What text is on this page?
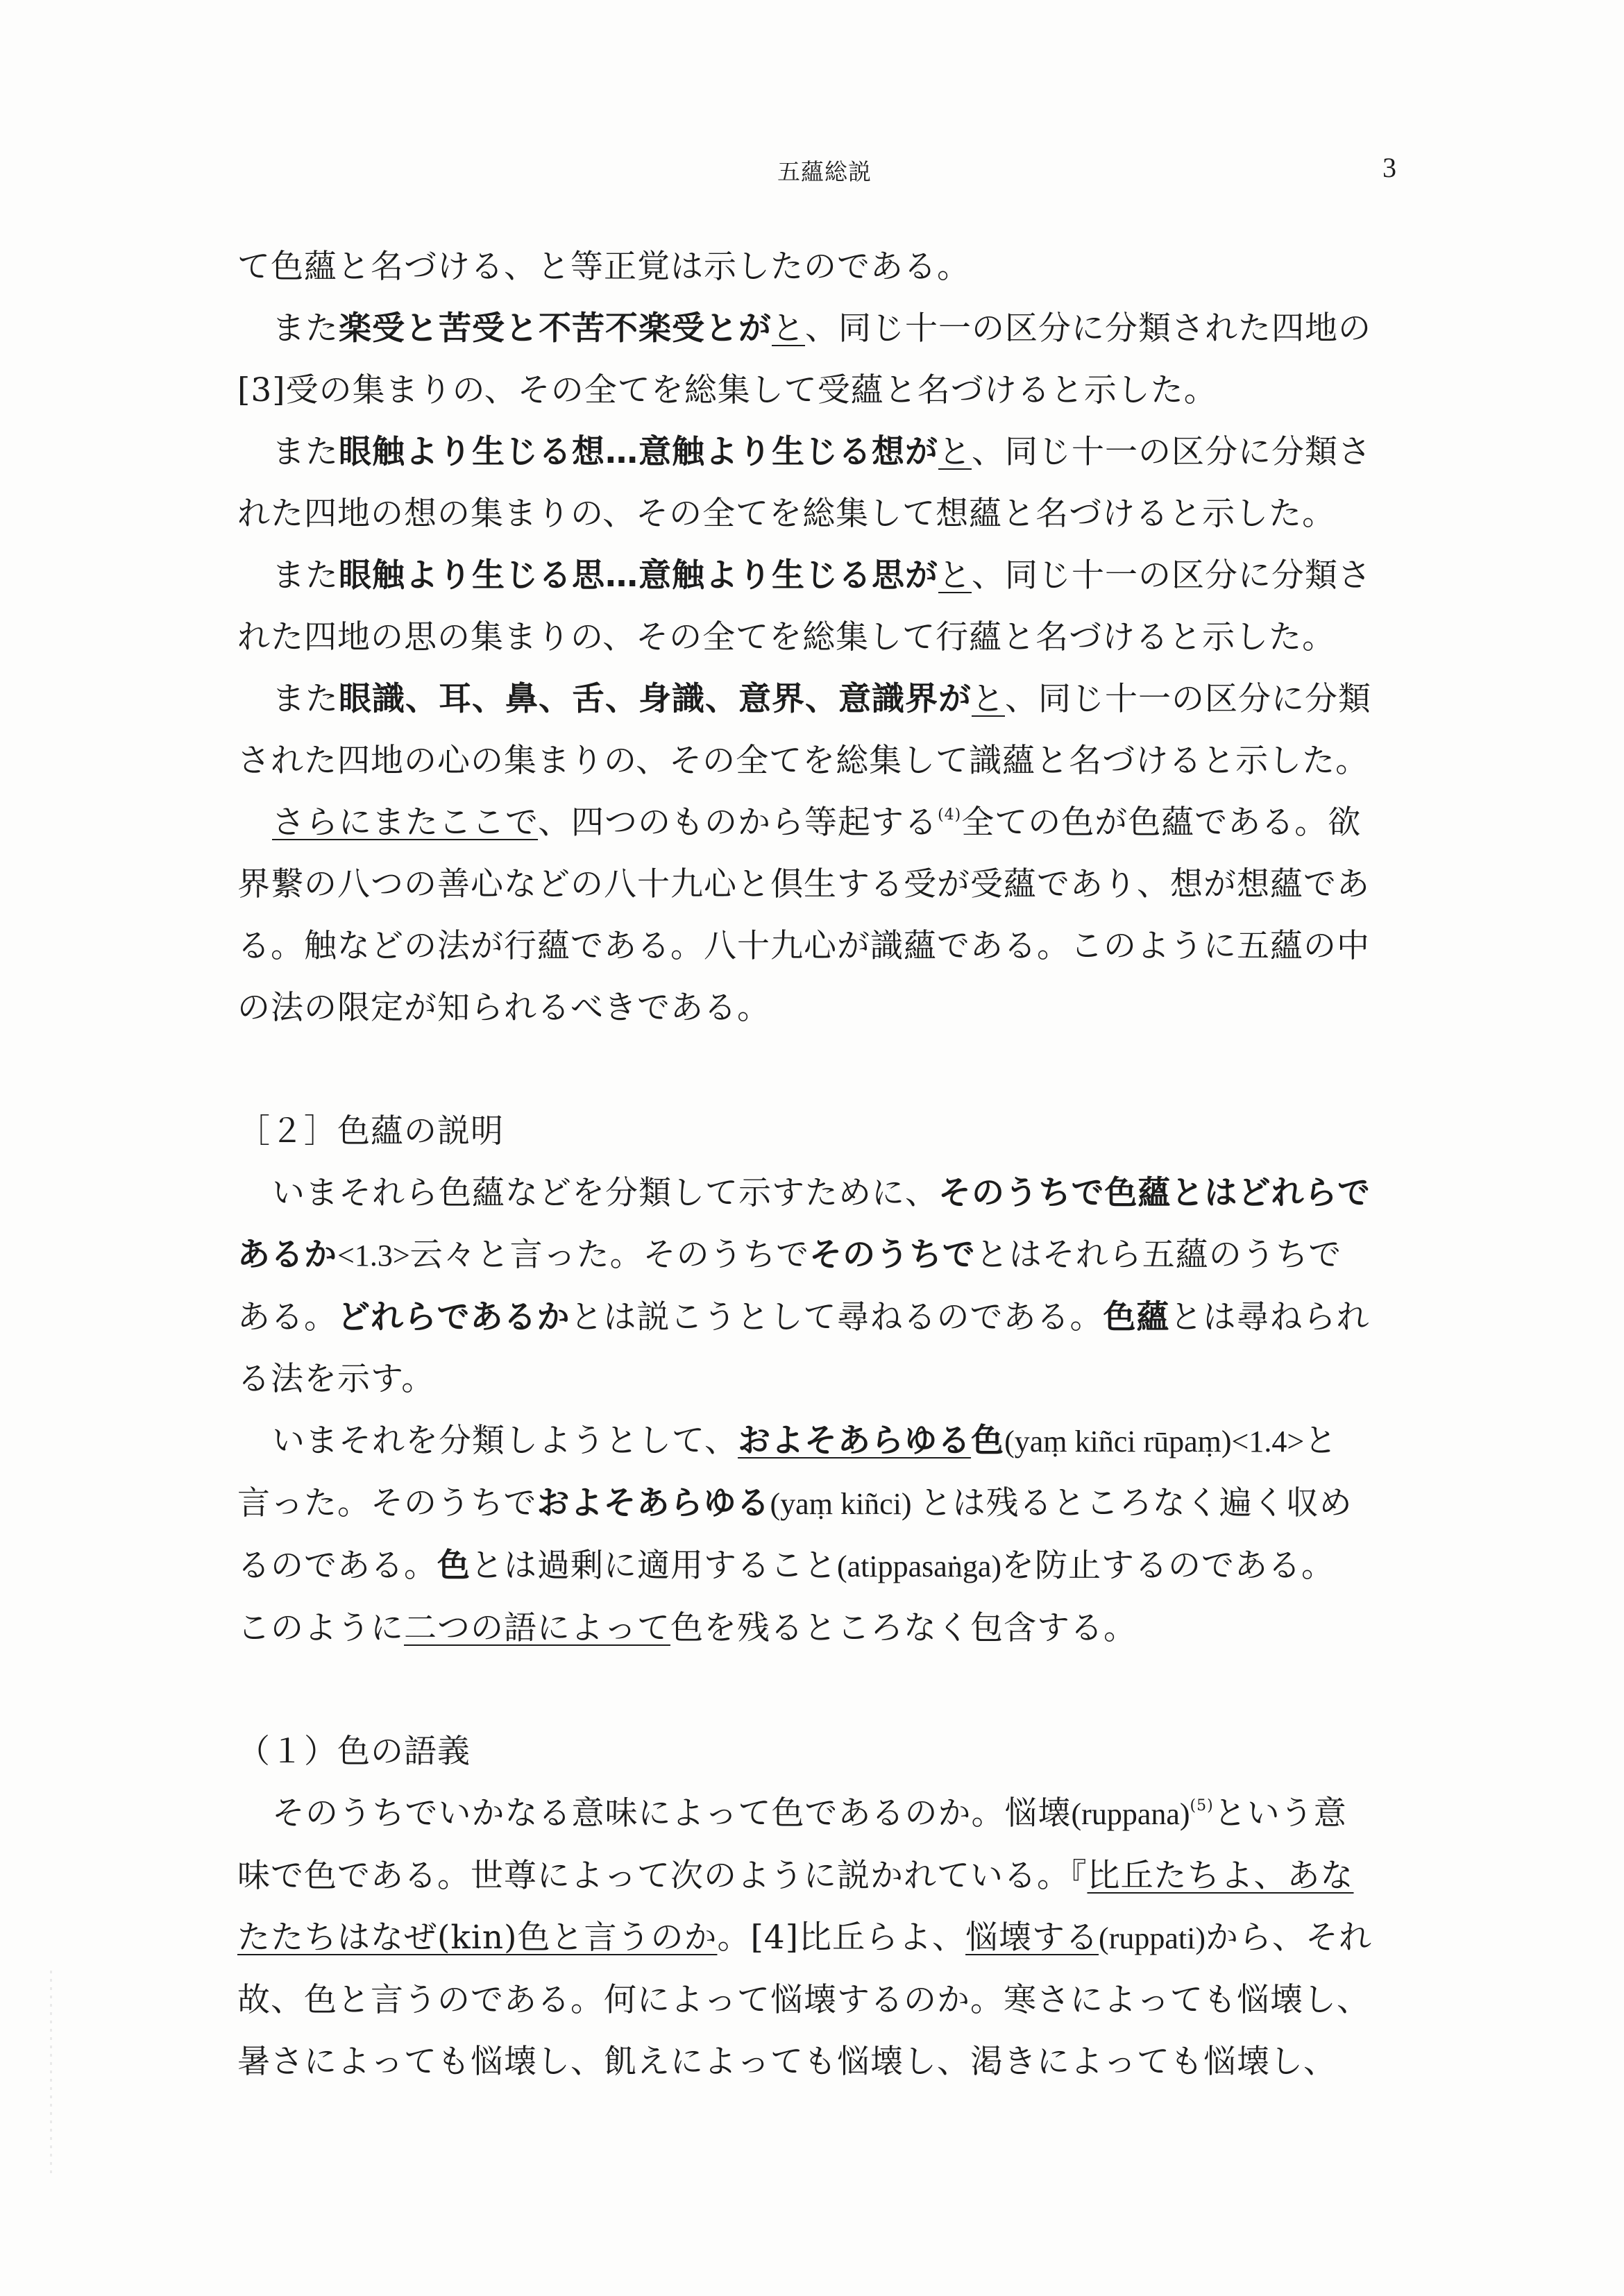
五蘊総説	3

て色蘊と名づける、と等正覚は示したのである。

また楽受と苦受と不苦不楽受とがと、同じ十一の区分に分類された四地の

[3]受の集まりの、その全てを総集して受蘊と名づけると示した。

また眼触より生じる想…意触より生じる想がと、同じ十一の区分に分類さ

れた四地の想の集まりの、その全てを総集して想蘊と名づけると示した。

また眼触より生じる思…意触より生じる思がと、同じ十一の区分に分類さ

れた四地の思の集まりの、その全てを総集して行蘊と名づけると示した。

また眼識、耳、鼻、舌、身識、意界、意識界がと、同じ十一の区分に分類

された四地の心の集まりの、その全てを総集して識蘊と名づけると示した。

さらにまたここで、四つのものから等起する$^{(4)}$全ての色が色蘊である。欲

界繋の八つの善心などの八十九心と倶生する受が受蘊であり、想が想蘊であ

る。触などの法が行蘊である。八十九心が識蘊である。このように五蘊の中

の法の限定が知られるべきである。

［２］色蘊の説明

いまそれら色蘊などを分類して示すために、そのうちで色蘊とはどれらで

あるか<1.3>云々と言った。そのうちでそのうちでとはそれら五蘊のうちで

ある。どれらであるかとは説こうとして尋ねるのである。色蘊とは尋ねられ

る法を示す。

いまそれを分類しようとして、およそあらゆる色(yaṃ kiñci rūpaṃ)<1.4>と

言った。そのうちでおよそあらゆる(yaṃ kiñci) とは残るところなく遍く収め

るのである。色とは過剰に適用すること(atippasaṅga)を防止するのである。

このように二つの語によって色を残るところなく包含する。

（１）色の語義

そのうちでいかなる意味によって色であるのか。悩壊(ruppana)$^{(5)}$という意

味で色である。世尊によって次のように説かれている。『比丘たちよ、あな

たたちはなぜ(kin)色と言うのか。[4]比丘らよ、悩壊する(ruppati)から、それ

故、色と言うのである。何によって悩壊するのか。寒さによっても悩壊し、

暑さによっても悩壊し、飢えによっても悩壊し、渇きによっても悩壊し、
